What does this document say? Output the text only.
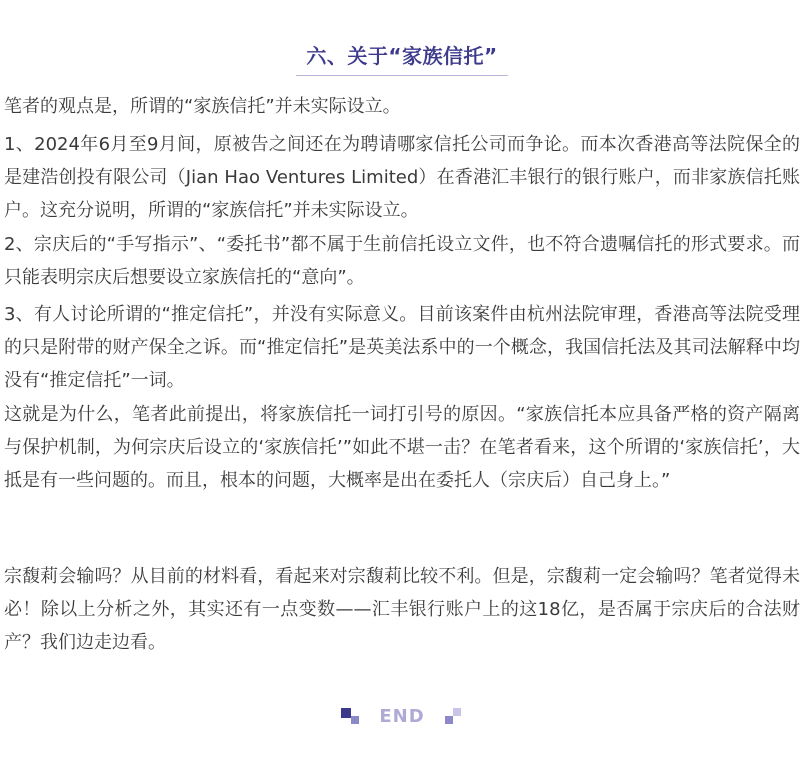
六、关于“家族信托”

笔者的观点是，所谓的“家族信托”并未实际设立。

1、2024年6月至9月间，原被告之间还在为聘请哪家信托公司而争论。而本次香港高等法院保全的是建浩创投有限公司（Jian Hao Ventures Limited）在香港汇丰银行的银行账户，而非家族信托账户。这充分说明，所谓的“家族信托”并未实际设立。

2、宗庆后的“手写指示”、“委托书”都不属于生前信托设立文件，也不符合遗嘱信托的形式要求。而只能表明宗庆后想要设立家族信托的“意向”。

3、有人讨论所谓的“推定信托”，并没有实际意义。目前该案件由杭州法院审理，香港高等法院受理的只是附带的财产保全之诉。而“推定信托”是英美法系中的一个概念，我国信托法及其司法解释中均没有“推定信托”一词。

这就是为什么，笔者此前提出，将家族信托一词打引号的原因。“家族信托本应具备严格的资产隔离与保护机制，为何宗庆后设立的‘家族信托’”如此不堪一击？在笔者看来，这个所谓的‘家族信托’，大抵是有一些问题的。而且，根本的问题，大概率是出在委托人（宗庆后）自己身上。”

宗馥莉会输吗？从目前的材料看，看起来对宗馥莉比较不利。但是，宗馥莉一定会输吗？笔者觉得未必！除以上分析之外，其实还有一点变数——汇丰银行账户上的这18亿，是否属于宗庆后的合法财产？我们边走边看。

END
